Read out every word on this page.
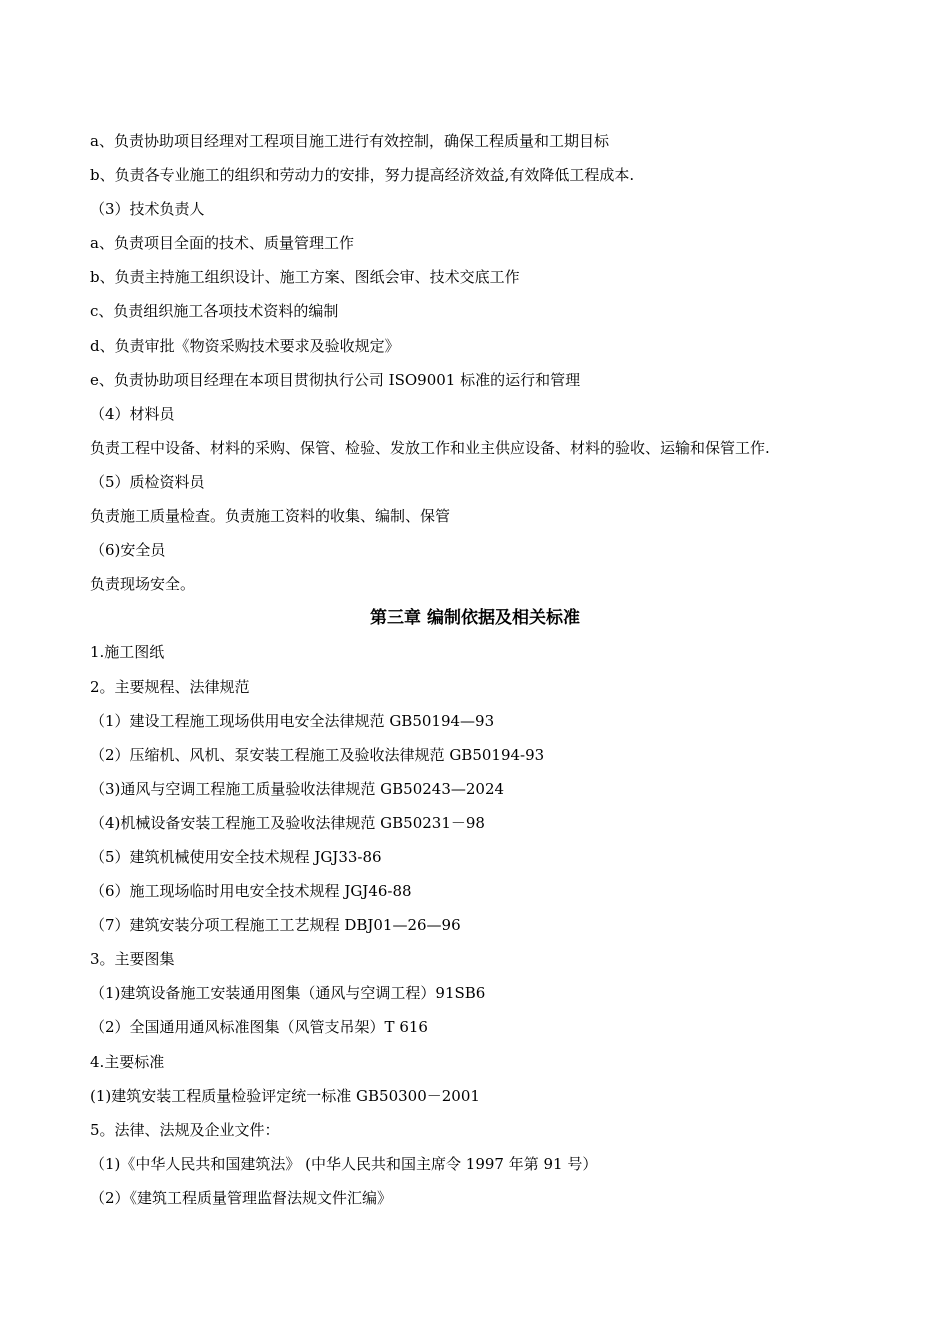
a、负责协助项目经理对工程项目施工进行有效控制，确保工程质量和工期目标
b、负责各专业施工的组织和劳动力的安排，努力提高经济效益,有效降低工程成本.
（3）技术负责人
a、负责项目全面的技术、质量管理工作
b、负责主持施工组织设计、施工方案、图纸会审、技术交底工作
c、负责组织施工各项技术资料的编制
d、负责审批《物资采购技术要求及验收规定》
e、负责协助项目经理在本项目贯彻执行公司 ISO9001 标准的运行和管理
（4）材料员
负责工程中设备、材料的采购、保管、检验、发放工作和业主供应设备、材料的验收、运输和保管工作.
（5）质检资料员
负责施工质量检查。负责施工资料的收集、编制、保管
（6)安全员
负责现场安全。
第三章 编制依据及相关标准
1.施工图纸
2。主要规程、法律规范
（1）建设工程施工现场供用电安全法律规范 GB50194—93
（2）压缩机、风机、泵安装工程施工及验收法律规范 GB50194-93
（3)通风与空调工程施工质量验收法律规范 GB50243—2024
（4)机械设备安装工程施工及验收法律规范 GB50231－98
（5）建筑机械使用安全技术规程 JGJ33-86
（6）施工现场临时用电安全技术规程 JGJ46-88
（7）建筑安装分项工程施工工艺规程 DBJ01—26—96
3。主要图集
（1)建筑设备施工安装通用图集（通风与空调工程）91SB6
（2）全国通用通风标准图集（风管支吊架）T 616
4.主要标准
(1)建筑安装工程质量检验评定统一标准 GB50300－2001
5。法律、法规及企业文件：
（1)《中华人民共和国建筑法》 (中华人民共和国主席令 1997 年第 91 号）
（2）《建筑工程质量管理监督法规文件汇编》
